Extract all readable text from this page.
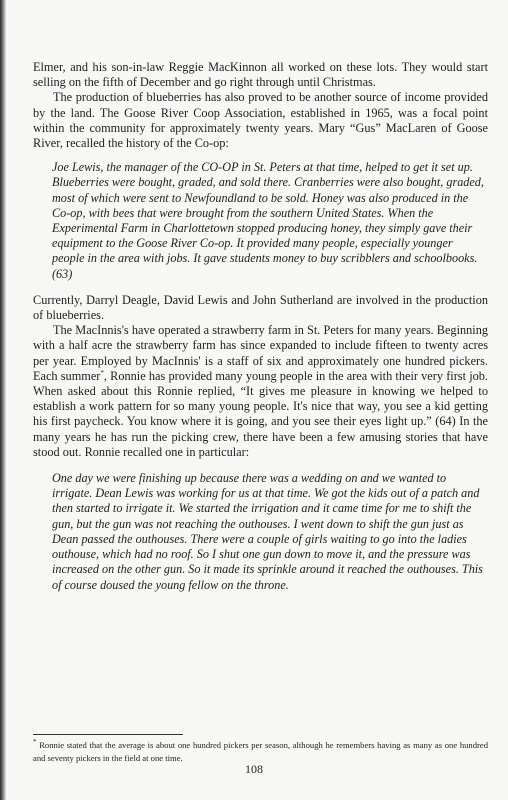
Elmer, and his son-in-law Reggie MacKinnon all worked on these lots. They would start selling on the fifth of December and go right through until Christmas.

The production of blueberries has also proved to be another source of income provided by the land. The Goose River Coop Association, established in 1965, was a focal point within the community for approximately twenty years. Mary “Gus” MacLaren of Goose River, recalled the history of the Co-op:

Joe Lewis, the manager of the CO-OP in St. Peters at that time, helped to get it set up. Blueberries were bought, graded, and sold there. Cranberries were also bought, graded, most of which were sent to Newfoundland to be sold. Honey was also produced in the Co-op, with bees that were brought from the southern United States. When the Experimental Farm in Charlottetown stopped producing honey, they simply gave their equipment to the Goose River Co-op. It provided many people, especially younger people in the area with jobs. It gave students money to buy scribblers and schoolbooks. (63)

Currently, Darryl Deagle, David Lewis and John Sutherland are involved in the production of blueberries.

The MacInnis's have operated a strawberry farm in St. Peters for many years. Beginning with a half acre the strawberry farm has since expanded to include fifteen to twenty acres per year. Employed by MacInnis' is a staff of six and approximately one hundred pickers. Each summer*, Ronnie has provided many young people in the area with their very first job. When asked about this Ronnie replied, “It gives me pleasure in knowing we helped to establish a work pattern for so many young people. It's nice that way, you see a kid getting his first paycheck. You know where it is going, and you see their eyes light up.” (64) In the many years he has run the picking crew, there have been a few amusing stories that have stood out. Ronnie recalled one in particular:

One day we were finishing up because there was a wedding on and we wanted to irrigate. Dean Lewis was working for us at that time. We got the kids out of a patch and then started to irrigate it. We started the irrigation and it came time for me to shift the gun, but the gun was not reaching the outhouses. I went down to shift the gun just as Dean passed the outhouses. There were a couple of girls waiting to go into the ladies outhouse, which had no roof. So I shut one gun down to move it, and the pressure was increased on the other gun. So it made its sprinkle around it reached the outhouses. This of course doused the young fellow on the throne.

* Ronnie stated that the average is about one hundred pickers per season, although he remembers having as many as one hundred and seventy pickers in the field at one time.
108
